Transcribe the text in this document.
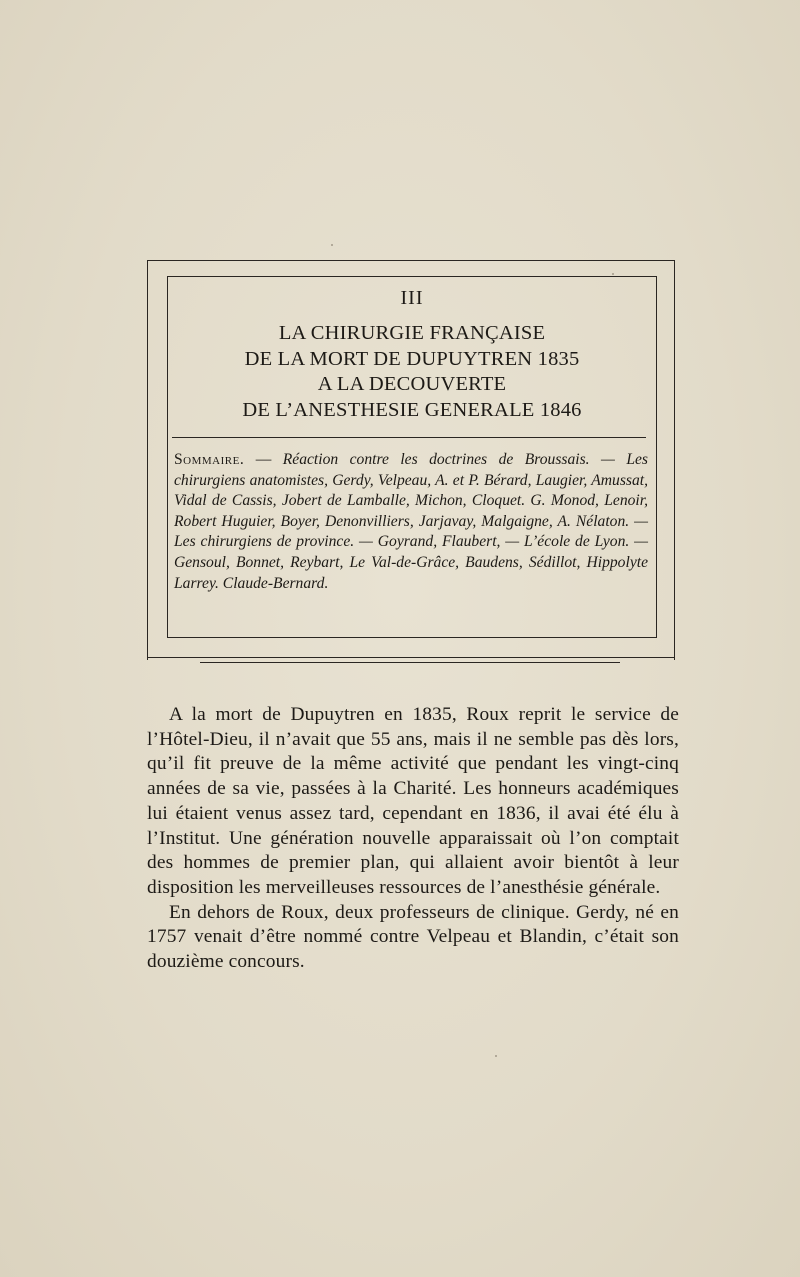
III
LA CHIRURGIE FRANÇAISE
DE LA MORT DE DUPUYTREN 1835
A LA DECOUVERTE
DE L’ANESTHESIE GENERALE 1846
Sommaire. — Réaction contre les doctrines de Broussais. — Les chirurgiens anatomistes, Gerdy, Velpeau, A. et P. Bérard, Laugier, Amussat, Vidal de Cassis, Jobert de Lamballe, Michon, Cloquet. G. Monod, Lenoir, Robert Huguier, Boyer, Denonvilliers, Jarjavay, Malgaigne, A. Nélaton. — Les chirurgiens de province. — Goyrand, Flaubert, — L’école de Lyon. — Gensoul, Bonnet, Reybart, Le Val-de-Grâce, Baudens, Sédillot, Hippolyte Larrey. Claude-Bernard.

A la mort de Dupuytren en 1835, Roux reprit le service de l’Hôtel-Dieu, il n’avait que 55 ans, mais il ne semble pas dès lors, qu’il fit preuve de la même activité que pendant les vingt-cinq années de sa vie, passées à la Charité. Les honneurs académiques lui étaient venus assez tard, cependant en 1836, il avai été élu à l’Institut. Une génération nouvelle apparaissait où l’on comptait des hommes de premier plan, qui allaient avoir bientôt à leur disposition les merveilleuses ressources de l’anesthésie générale.

En dehors de Roux, deux professeurs de clinique. Gerdy, né en 1757 venait d’être nommé contre Velpeau et Blandin, c’était son douzième concours.
